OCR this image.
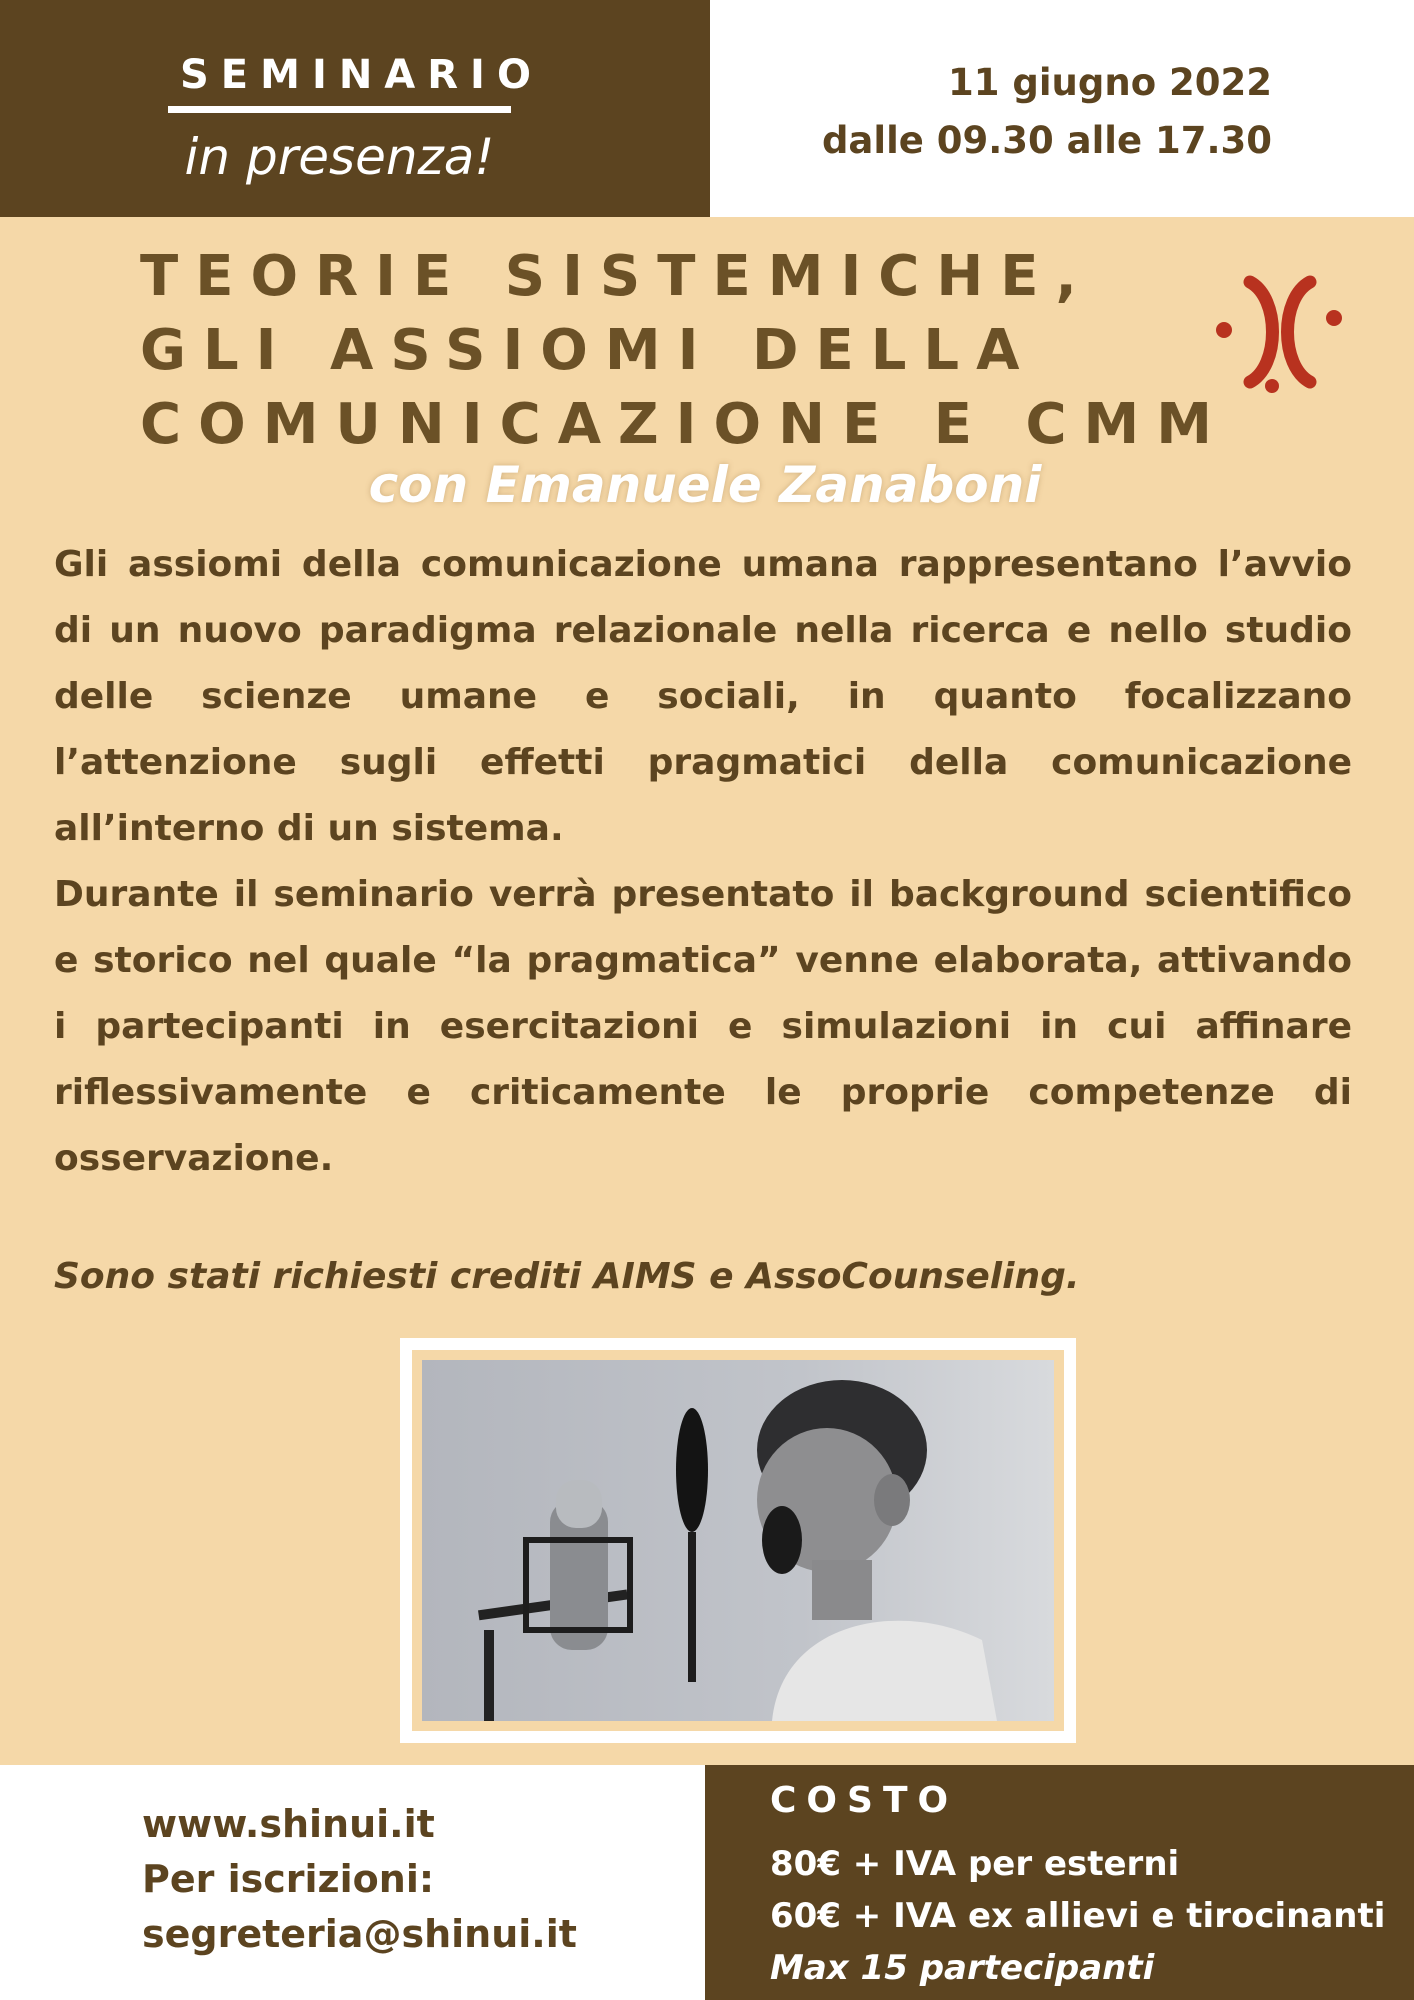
SEMINARIO
in presenza!
11 giugno 2022
dalle 09.30 alle 17.30
TEORIE SISTEMICHE,
GLI ASSIOMI DELLA
COMUNICAZIONE E CMM
con Emanuele Zanaboni

Gli assiomi della comunicazione umana rappresentano l’avvio di un nuovo paradigma relazionale nella ricerca e nello studio delle scienze umane e sociali, in quanto focalizzano l’attenzione sugli effetti pragmatici della comunicazione all’interno di un sistema.

Durante il seminario verrà presentato il background scientifico e storico nel quale “la pragmatica” venne elaborata, attivando i partecipanti in esercitazioni e simulazioni in cui affinare riflessivamente e criticamente le proprie competenze di osservazione.

Sono stati richiesti crediti AIMS e AssoCounseling.
www.shinui.it
Per iscrizioni:
segreteria@shinui.it
COSTO
80€ + IVA per esterni
60€ + IVA ex allievi e tirocinanti
Max 15 partecipanti
